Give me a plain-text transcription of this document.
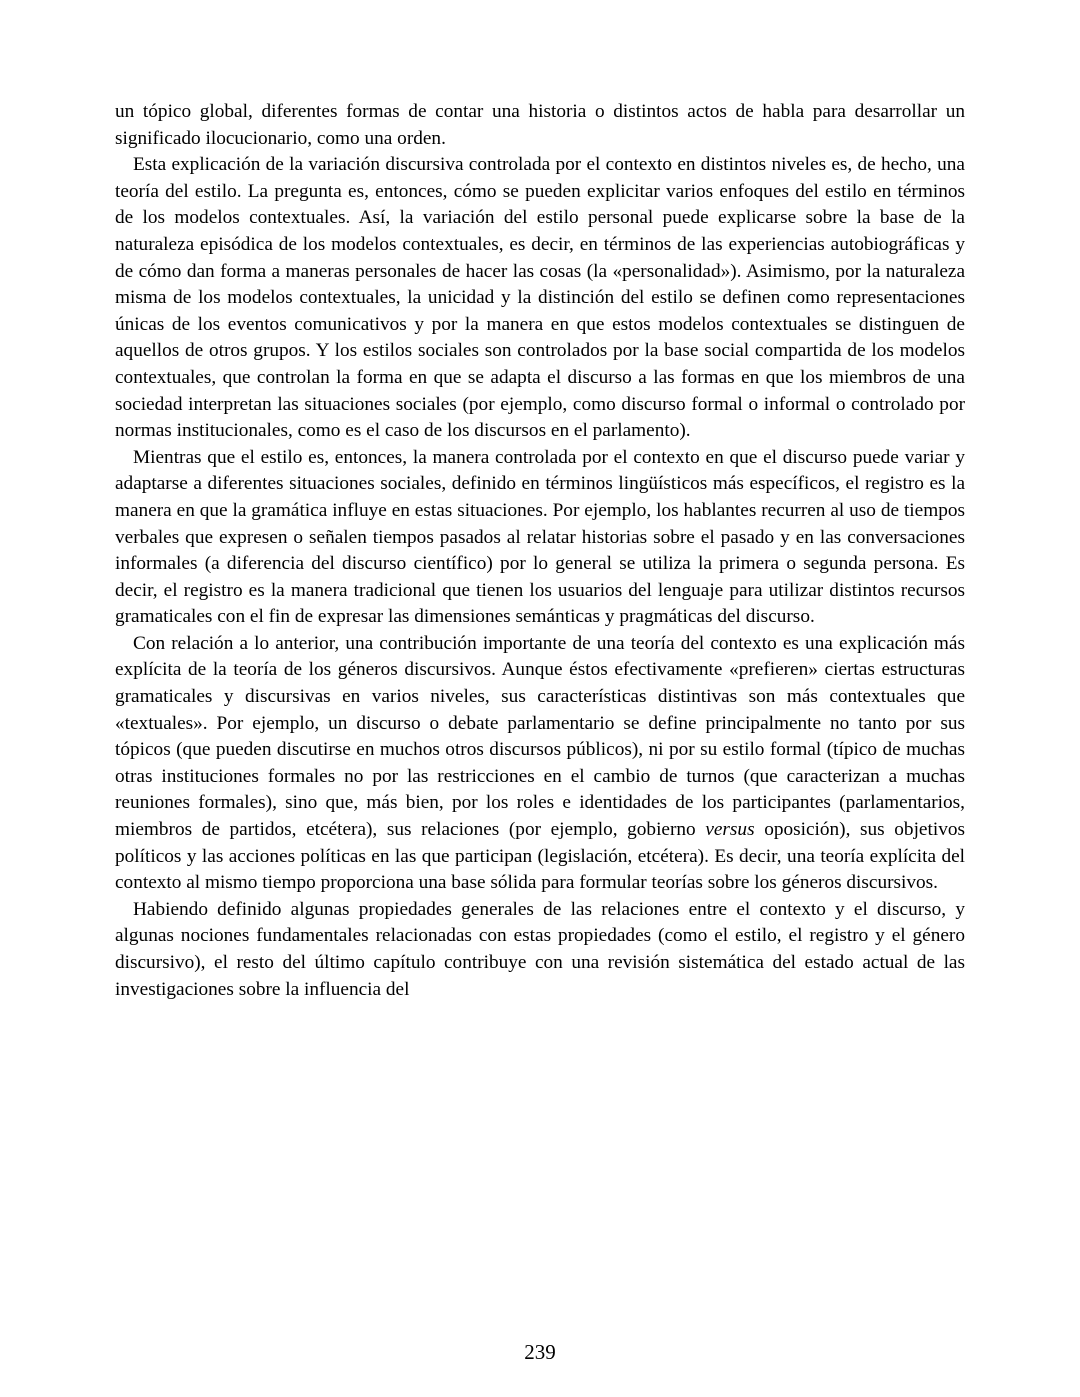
un tópico global, diferentes formas de contar una historia o distintos actos de habla para desarrollar un significado ilocucionario, como una orden.

Esta explicación de la variación discursiva controlada por el contexto en distintos niveles es, de hecho, una teoría del estilo. La pregunta es, entonces, cómo se pueden explicitar varios enfoques del estilo en términos de los modelos contextuales. Así, la variación del estilo personal puede explicarse sobre la base de la naturaleza episódica de los modelos contextuales, es decir, en términos de las experiencias autobiográficas y de cómo dan forma a maneras personales de hacer las cosas (la «personalidad»). Asimismo, por la naturaleza misma de los modelos contextuales, la unicidad y la distinción del estilo se definen como representaciones únicas de los eventos comunicativos y por la manera en que estos modelos contextuales se distinguen de aquellos de otros grupos. Y los estilos sociales son controlados por la base social compartida de los modelos contextuales, que controlan la forma en que se adapta el discurso a las formas en que los miembros de una sociedad interpretan las situaciones sociales (por ejemplo, como discurso formal o informal o controlado por normas institucionales, como es el caso de los discursos en el parlamento).

Mientras que el estilo es, entonces, la manera controlada por el contexto en que el discurso puede variar y adaptarse a diferentes situaciones sociales, definido en términos lingüísticos más específicos, el registro es la manera en que la gramática influye en estas situaciones. Por ejemplo, los hablantes recurren al uso de tiempos verbales que expresen o señalen tiempos pasados al relatar historias sobre el pasado y en las conversaciones informales (a diferencia del discurso científico) por lo general se utiliza la primera o segunda persona. Es decir, el registro es la manera tradicional que tienen los usuarios del lenguaje para utilizar distintos recursos gramaticales con el fin de expresar las dimensiones semánticas y pragmáticas del discurso.

Con relación a lo anterior, una contribución importante de una teoría del contexto es una explicación más explícita de la teoría de los géneros discursivos. Aunque éstos efectivamente «prefieren» ciertas estructuras gramaticales y discursivas en varios niveles, sus características distintivas son más contextuales que «textuales». Por ejemplo, un discurso o debate parlamentario se define principalmente no tanto por sus tópicos (que pueden discutirse en muchos otros discursos públicos), ni por su estilo formal (típico de muchas otras instituciones formales no por las restricciones en el cambio de turnos (que caracterizan a muchas reuniones formales), sino que, más bien, por los roles e identidades de los participantes (parlamentarios, miembros de partidos, etcétera), sus relaciones (por ejemplo, gobierno versus oposición), sus objetivos políticos y las acciones políticas en las que participan (legislación, etcétera). Es decir, una teoría explícita del contexto al mismo tiempo proporciona una base sólida para formular teorías sobre los géneros discursivos.

Habiendo definido algunas propiedades generales de las relaciones entre el contexto y el discurso, y algunas nociones fundamentales relacionadas con estas propiedades (como el estilo, el registro y el género discursivo), el resto del último capítulo contribuye con una revisión sistemática del estado actual de las investigaciones sobre la influencia del

239
